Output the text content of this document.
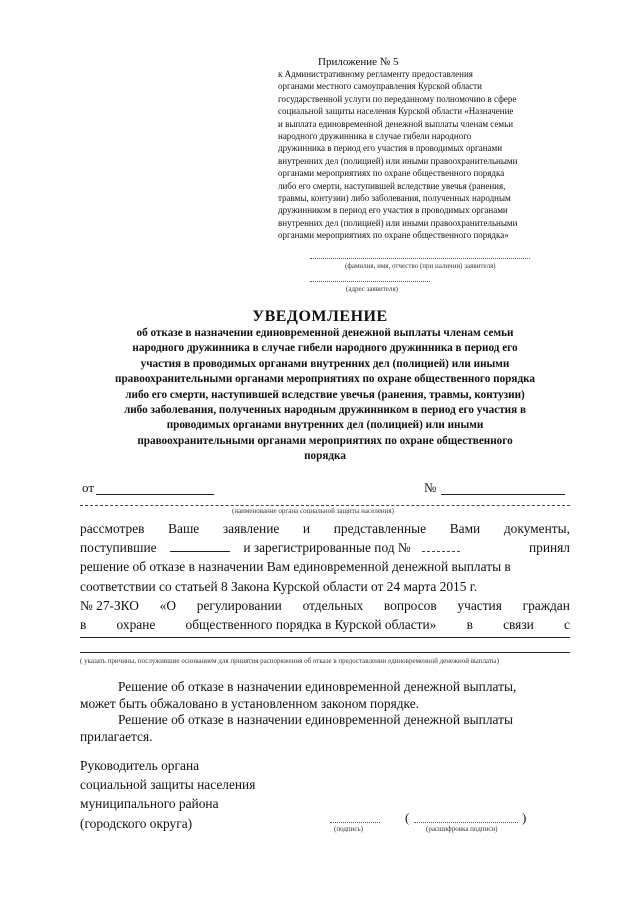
Приложение № 5
к Административному регламенту предоставления
органами местного самоуправления Курской области
государственной услуги по переданному полномочию в сфере
социальной защиты населения Курской области «Назначение
и выплата единовременной денежной выплаты членам семьи
народного дружинника в случае гибели народного
дружинника в период его участия в проводимых органами
внутренних дел (полицией) или иными правоохранительными
органами мероприятиях по охране общественного порядка
либо его смерти, наступившей вследствие увечья (ранения,
травмы, контузии) либо заболевания, полученных народным
дружинником в период его участия в проводимых органами
внутренних дел (полицией) или иными правоохранительными
органами мероприятиях по охране общественного порядка»
(фамилия, имя, отчество (при наличии) заявителя)
(адрес заявителя)
УВЕДОМЛЕНИЕ
об отказе в назначении единовременной денежной выплаты членам семьи
народного дружинника в случае гибели народного дружинника в период его
участия в проводимых органами внутренних дел (полицией) или иными
правоохранительными органами мероприятиях по охране общественного порядка
либо его смерти, наступившей вследствие увечья (ранения, травмы, контузии)
либо заболевания, полученных народным дружинником в период его участия в
проводимых органами внутренних дел (полицией) или иными
правоохранительными органами мероприятиях по охране общественного
порядка
от	№
(наименование органа социальной защиты населения)
рассмотрев Ваше заявление и представленные Вами документы,
поступившие	и зарегистрированные под №	принял
решение об отказе в назначении Вам единовременной денежной выплаты в
соответствии со статьей 8 Закона Курской области от 24 марта 2015 г.
№ 27-ЗКО «О регулировании отдельных вопросов участия граждан
в охране общественного порядка в Курской области» в связи с
( указать причины, послужившие основанием для принятия распоряжения об отказе в предоставлении единовременной денежной выплаты)
Решение об отказе в назначении единовременной денежной выплаты,
может быть обжаловано в установленном законом порядке.
Решение об отказе в назначении единовременной денежной выплаты
прилагается.
Руководитель органа
социальной защиты населения
муниципального района
(городского округа)	(подпись)
(	)
(расшифровка подписи)
